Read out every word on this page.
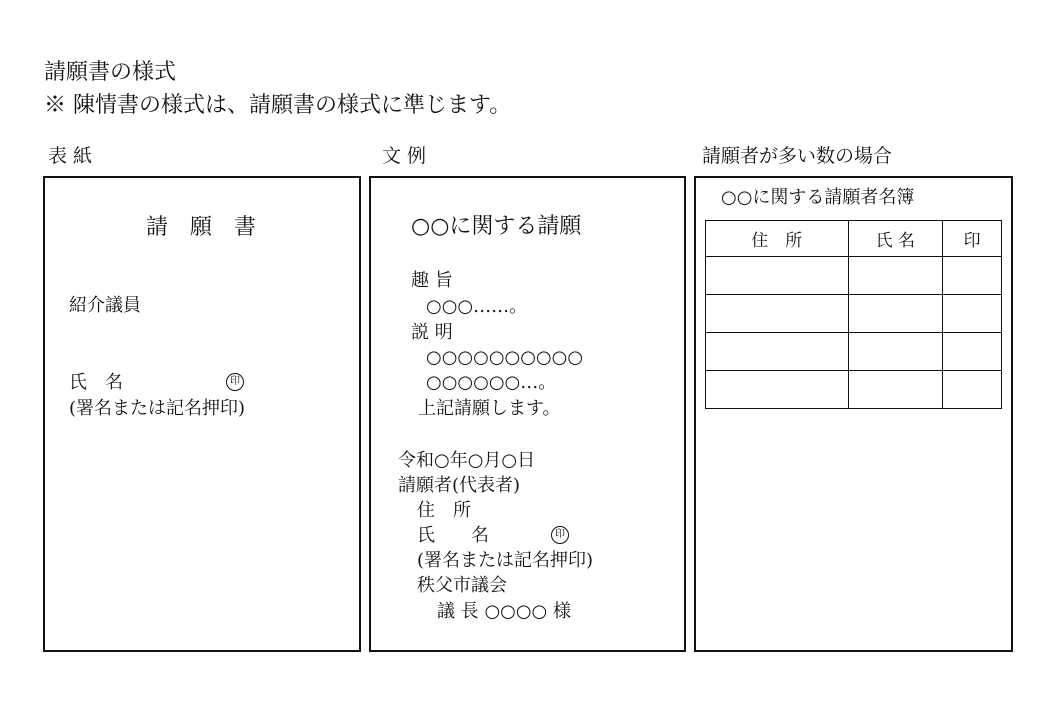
請願書の様式
※ 陳情書の様式は、請願書の様式に準じます。
表 紙	文 例	請願者が多い数の場合
請　願　書
紹介議員
氏　名	印
(署名または記名押印)
○○に関する請願
趣 旨
○○○……。
説 明
○○○○○○○○○○
○○○○○○…。
上記請願します。
令和○年○月○日
請願者(代表者)
住　所
氏　　名	印
(署名または記名押印)
秩父市議会
議 長 ○○○○ 様
○○に関する請願者名簿
住　所	氏 名	印
